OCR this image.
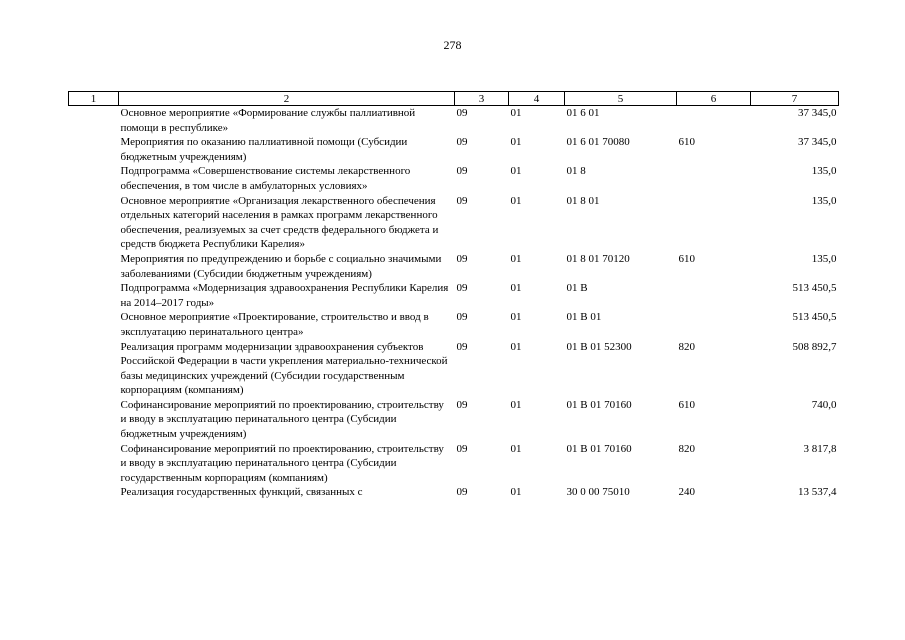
278
1	2	3	4	5	6	7
	Основное мероприятие «Формирование службы паллиативной помощи в республике»	09	01	01 6 01		37 345,0
	Мероприятия по оказанию паллиативной помощи (Субсидии бюджетным учреждениям)	09	01	01 6 01 70080	610	37 345,0
	Подпрограмма «Совершенствование системы лекарственного обеспечения, в том числе в амбулаторных условиях»	09	01	01 8		135,0
	Основное мероприятие «Организация лекарственного обеспечения отдельных категорий населения в рамках программ лекарственного обеспечения, реализуемых за счет средств федерального бюджета и средств бюджета Республики Карелия»	09	01	01 8 01		135,0
	Мероприятия по предупреждению и борьбе с социально значимыми заболеваниями (Субсидии бюджетным учреждениям)	09	01	01 8 01 70120	610	135,0
	Подпрограмма «Модернизация здравоохранения Республики Карелия на 2014–2017 годы»	09	01	01 В		513 450,5
	Основное мероприятие «Проектирование, строительство и ввод в эксплуатацию перинатального центра»	09	01	01 В 01		513 450,5
	Реализация программ модернизации здравоохранения субъектов Российской Федерации в части укрепления материально-технической базы медицинских учреждений (Субсидии государственным корпорациям (компаниям)	09	01	01 В 01 52300	820	508 892,7
	Софинансирование мероприятий по проектированию, строительству и вводу в эксплуатацию перинатального центра (Субсидии бюджетным учреждениям)	09	01	01 В 01 70160	610	740,0
	Софинансирование мероприятий по проектированию, строительству и вводу в эксплуатацию перинатального центра (Субсидии государственным корпорациям (компаниям)	09	01	01 В 01 70160	820	3 817,8
	Реализация государственных функций, связанных с	09	01	30 0 00 75010	240	13 537,4
